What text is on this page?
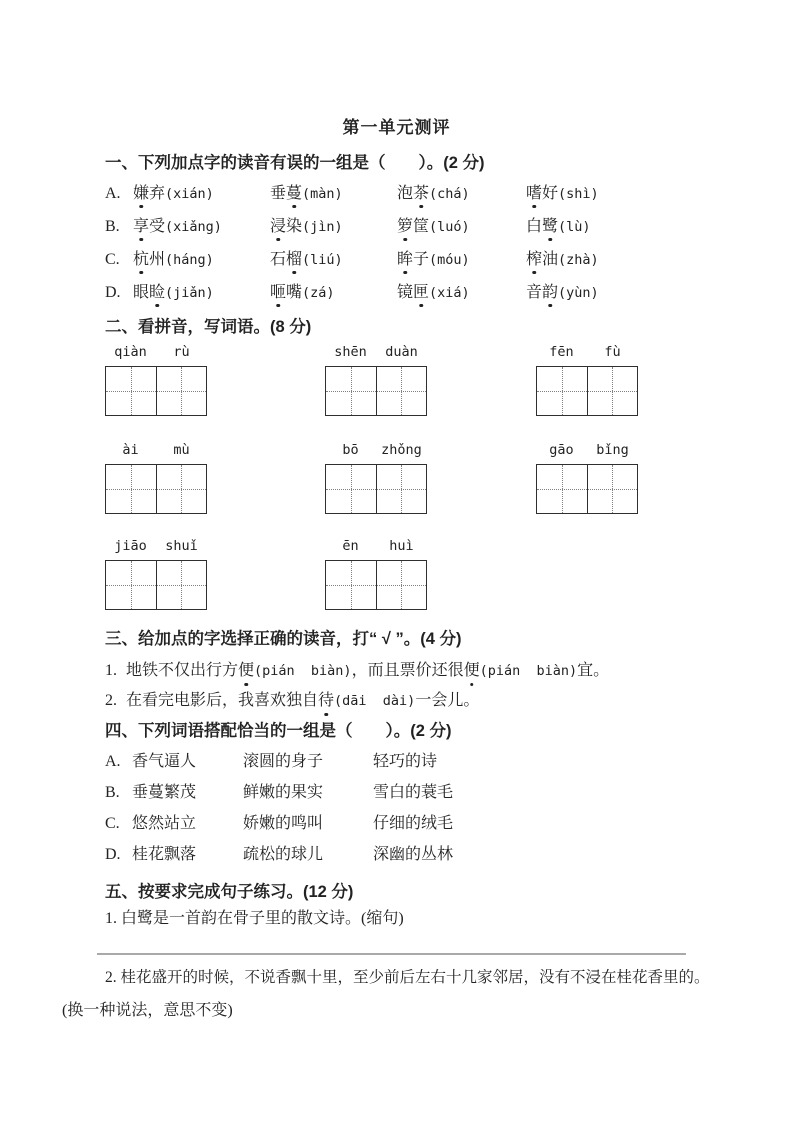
第一单元测评
一、下列加点字的读音有误的一组是（　　）。(2 分)
A. 嫌弃(xián)	垂蔓(màn)	泡茶(chá)	嗜好(shì)
B. 享受(xiǎng)	浸染(jìn)	箩筐(luó)	白鹭(lù)
C. 杭州(háng)	石榴(liú)	眸子(móu)	榨油(zhà)
D. 眼睑(jiǎn)	咂嘴(zá)	镜匣(xiá)	音韵(yùn)
二、看拼音，写词语。(8 分)
qiàn	rù	shēn	duàn	fēn	fù
ài	mù	bō	zhǒng	gāo	bǐng
jiāo	shuǐ	ēn	huì
三、给加点的字选择正确的读音，打“ √ ”。(4 分)

1. 地铁不仅出行方便(pián  biàn)，而且票价还很便(pián  biàn)宜。

2. 在看完电影后，我喜欢独自待(dāi  dài)一会儿。

四、下列词语搭配恰当的一组是（　　）。(2 分)
A. 香气逼人	滚圆的身子	轻巧的诗
B. 垂蔓繁茂	鲜嫩的果实	雪白的蓑毛
C. 悠然站立	娇嫩的鸣叫	仔细的绒毛
D. 桂花飘落	疏松的球儿	深幽的丛林
五、按要求完成句子练习。(12 分)

1. 白鹭是一首韵在骨子里的散文诗。(缩句)

2. 桂花盛开的时候，不说香飘十里，至少前后左右十几家邻居，没有不浸在桂花香里的。

(换一种说法，意思不变)
